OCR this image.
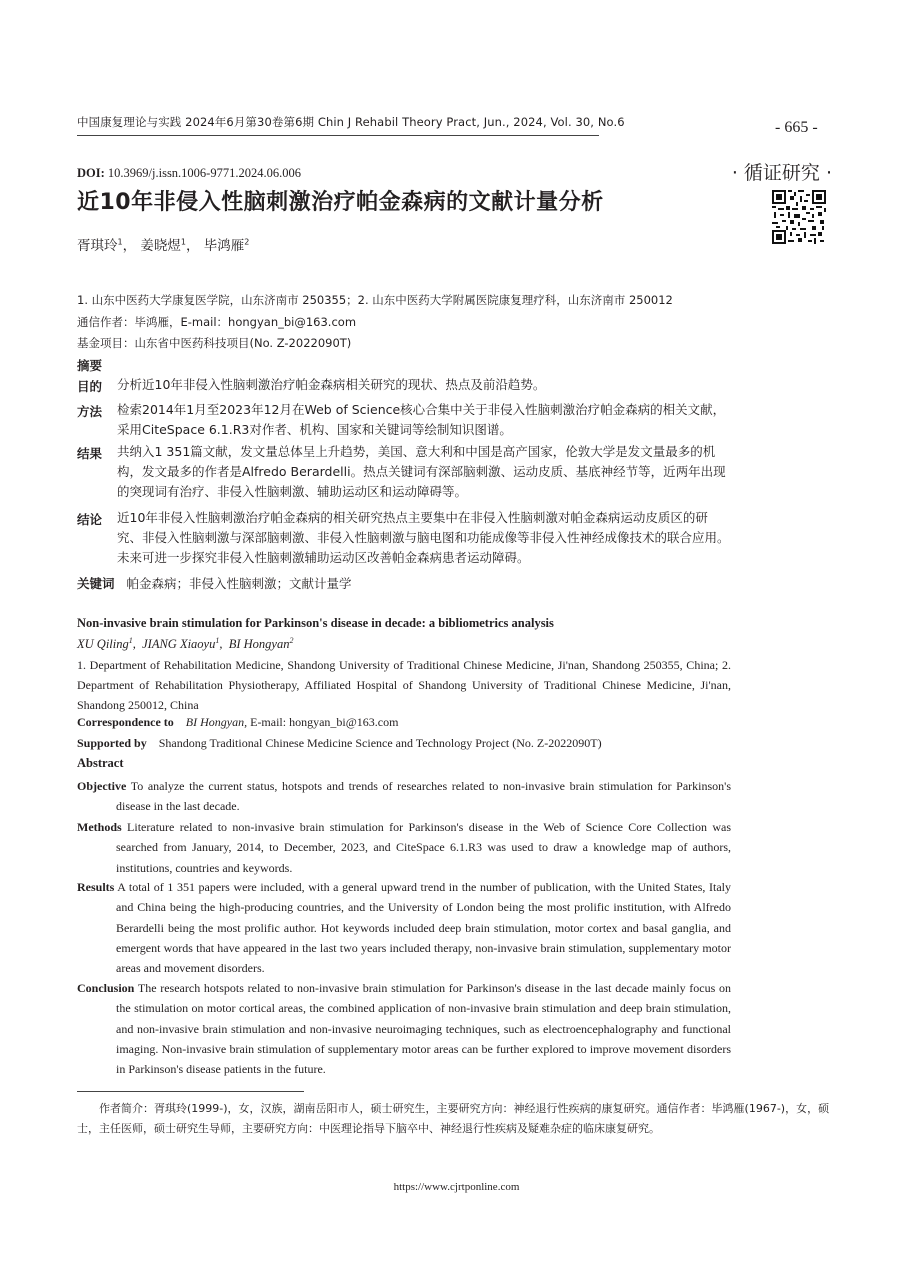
中国康复理论与实践 2024年6月第30卷第6期 Chin J Rehabil Theory Pract, Jun., 2024, Vol. 30, No.6	- 665 -
· 循证研究 ·
DOI: 10.3969/j.issn.1006-9771.2024.06.006
近10年非侵入性脑刺激治疗帕金森病的文献计量分析
胥琪玲$^1$， 姜晓煜$^1$， 毕鸿雁$^2$
1. 山东中医药大学康复医学院，山东济南市 250355；2. 山东中医药大学附属医院康复理疗科，山东济南市 250012
通信作者：毕鸿雁，E-mail：hongyan_bi@163.com
基金项目：山东省中医药科技项目(No. Z-2022090T)
摘要
目的 分析近10年非侵入性脑刺激治疗帕金森病相关研究的现状、热点及前沿趋势。
方法 检索2014年1月至2023年12月在Web of Science核心合集中关于非侵入性脑刺激治疗帕金森病的相关文献，采用CiteSpace 6.1.R3对作者、机构、国家和关键词等绘制知识图谱。
结果 共纳入1 351篇文献，发文量总体呈上升趋势，美国、意大利和中国是高产国家，伦敦大学是发文量最多的机构，发文最多的作者是Alfredo Berardelli。热点关键词有深部脑刺激、运动皮质、基底神经节等，近两年出现的突现词有治疗、非侵入性脑刺激、辅助运动区和运动障碍等。
结论 近10年非侵入性脑刺激治疗帕金森病的相关研究热点主要集中在非侵入性脑刺激对帕金森病运动皮质区的研究、非侵入性脑刺激与深部脑刺激、非侵入性脑刺激与脑电图和功能成像等非侵入性神经成像技术的联合应用。未来可进一步探究非侵入性脑刺激辅助运动区改善帕金森病患者运动障碍。
关键词 帕金森病；非侵入性脑刺激；文献计量学
Non-invasive brain stimulation for Parkinson's disease in decade: a bibliometrics analysis
XU Qiling$^1$,  JIANG Xiaoyu$^1$,  BI Hongyan$^2$
1. Department of Rehabilitation Medicine, Shandong University of Traditional Chinese Medicine, Ji'nan, Shandong 250355, China; 2. Department of Rehabilitation Physiotherapy, Affiliated Hospital of Shandong University of Traditional Chinese Medicine, Ji'nan, Shandong 250012, China
Correspondence to BI Hongyan, E-mail: hongyan_bi@163.com
Supported by Shandong Traditional Chinese Medicine Science and Technology Project (No. Z-2022090T)
Abstract
Objective To analyze the current status, hotspots and trends of researches related to non-invasive brain stimulation for Parkinson's disease in the last decade.
Methods Literature related to non-invasive brain stimulation for Parkinson's disease in the Web of Science Core Collection was searched from January, 2014, to December, 2023, and CiteSpace 6.1.R3 was used to draw a knowledge map of authors, institutions, countries and keywords.
Results A total of 1 351 papers were included, with a general upward trend in the number of publication, with the United States, Italy and China being the high-producing countries, and the University of London being the most prolific institution, with Alfredo Berardelli being the most prolific author. Hot keywords included deep brain stimulation, motor cortex and basal ganglia, and emergent words that have appeared in the last two years included therapy, non-invasive brain stimulation, supplementary motor areas and movement disorders.
Conclusion The research hotspots related to non-invasive brain stimulation for Parkinson's disease in the last decade mainly focus on the stimulation on motor cortical areas, the combined application of non-invasive brain stimulation and deep brain stimulation, and non-invasive brain stimulation and non-invasive neuroimaging techniques, such as electroencephalography and functional imaging. Non-invasive brain stimulation of supplementary motor areas can be further explored to improve movement disorders in Parkinson's disease patients in the future.
作者简介：胥琪玲(1999-)，女，汉族，湖南岳阳市人，硕士研究生，主要研究方向：神经退行性疾病的康复研究。通信作者：毕鸿雁(1967-)，女，硕士，主任医师，硕士研究生导师，主要研究方向：中医理论指导下脑卒中、神经退行性疾病及疑难杂症的临床康复研究。
https://www.cjrtponline.com
